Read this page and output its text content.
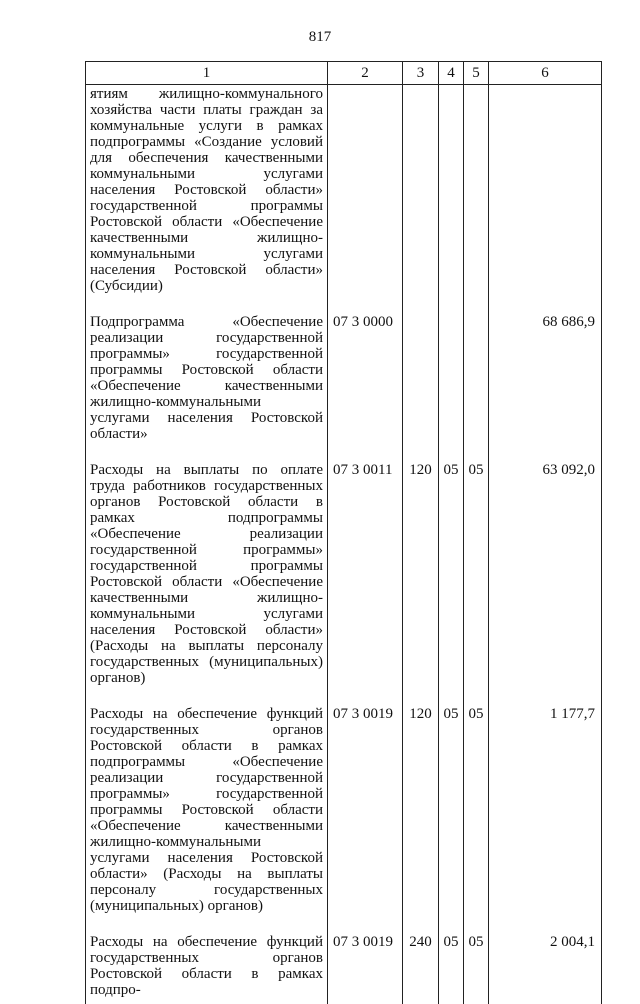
817
1	2	3	4	5	6
ятиям жилищно-коммунального хозяйства части платы граждан за коммунальные услуги в рамках подпрограммы «Создание условий для обеспечения качественными коммунальными услугами населения Ростовской области» государственной программы Ростовской области «Обеспечение качественными жилищно-коммунальными услугами населения Ростовской области» (Субсидии)					
Подпрограмма «Обеспечение реализации государственной программы» государственной программы Ростовской области «Обеспечение качественными жилищно-коммунальными услугами населения Ростовской области»	07 3 0000				68 686,9
Расходы на выплаты по оплате труда работников государственных органов Ростовской области в рамках подпрограммы «Обеспечение реализации государственной программы» государственной программы Ростовской области «Обеспечение качественными жилищно-коммунальными услугами населения Ростовской области» (Расходы на выплаты персоналу государственных (муниципальных) органов)	07 3 0011	120	05	05	63 092,0
Расходы на обеспечение функций государственных органов Ростовской области в рамках подпрограммы «Обеспечение реализации государственной программы» государственной программы Ростовской области «Обеспечение качественными жилищно-коммунальными услугами населения Ростовской области» (Расходы на выплаты персоналу государственных (муниципальных) органов)	07 3 0019	120	05	05	1 177,7
Расходы на обеспечение функций государственных органов Ростовской области в рамках подпро-	07 3 0019	240	05	05	2 004,1
